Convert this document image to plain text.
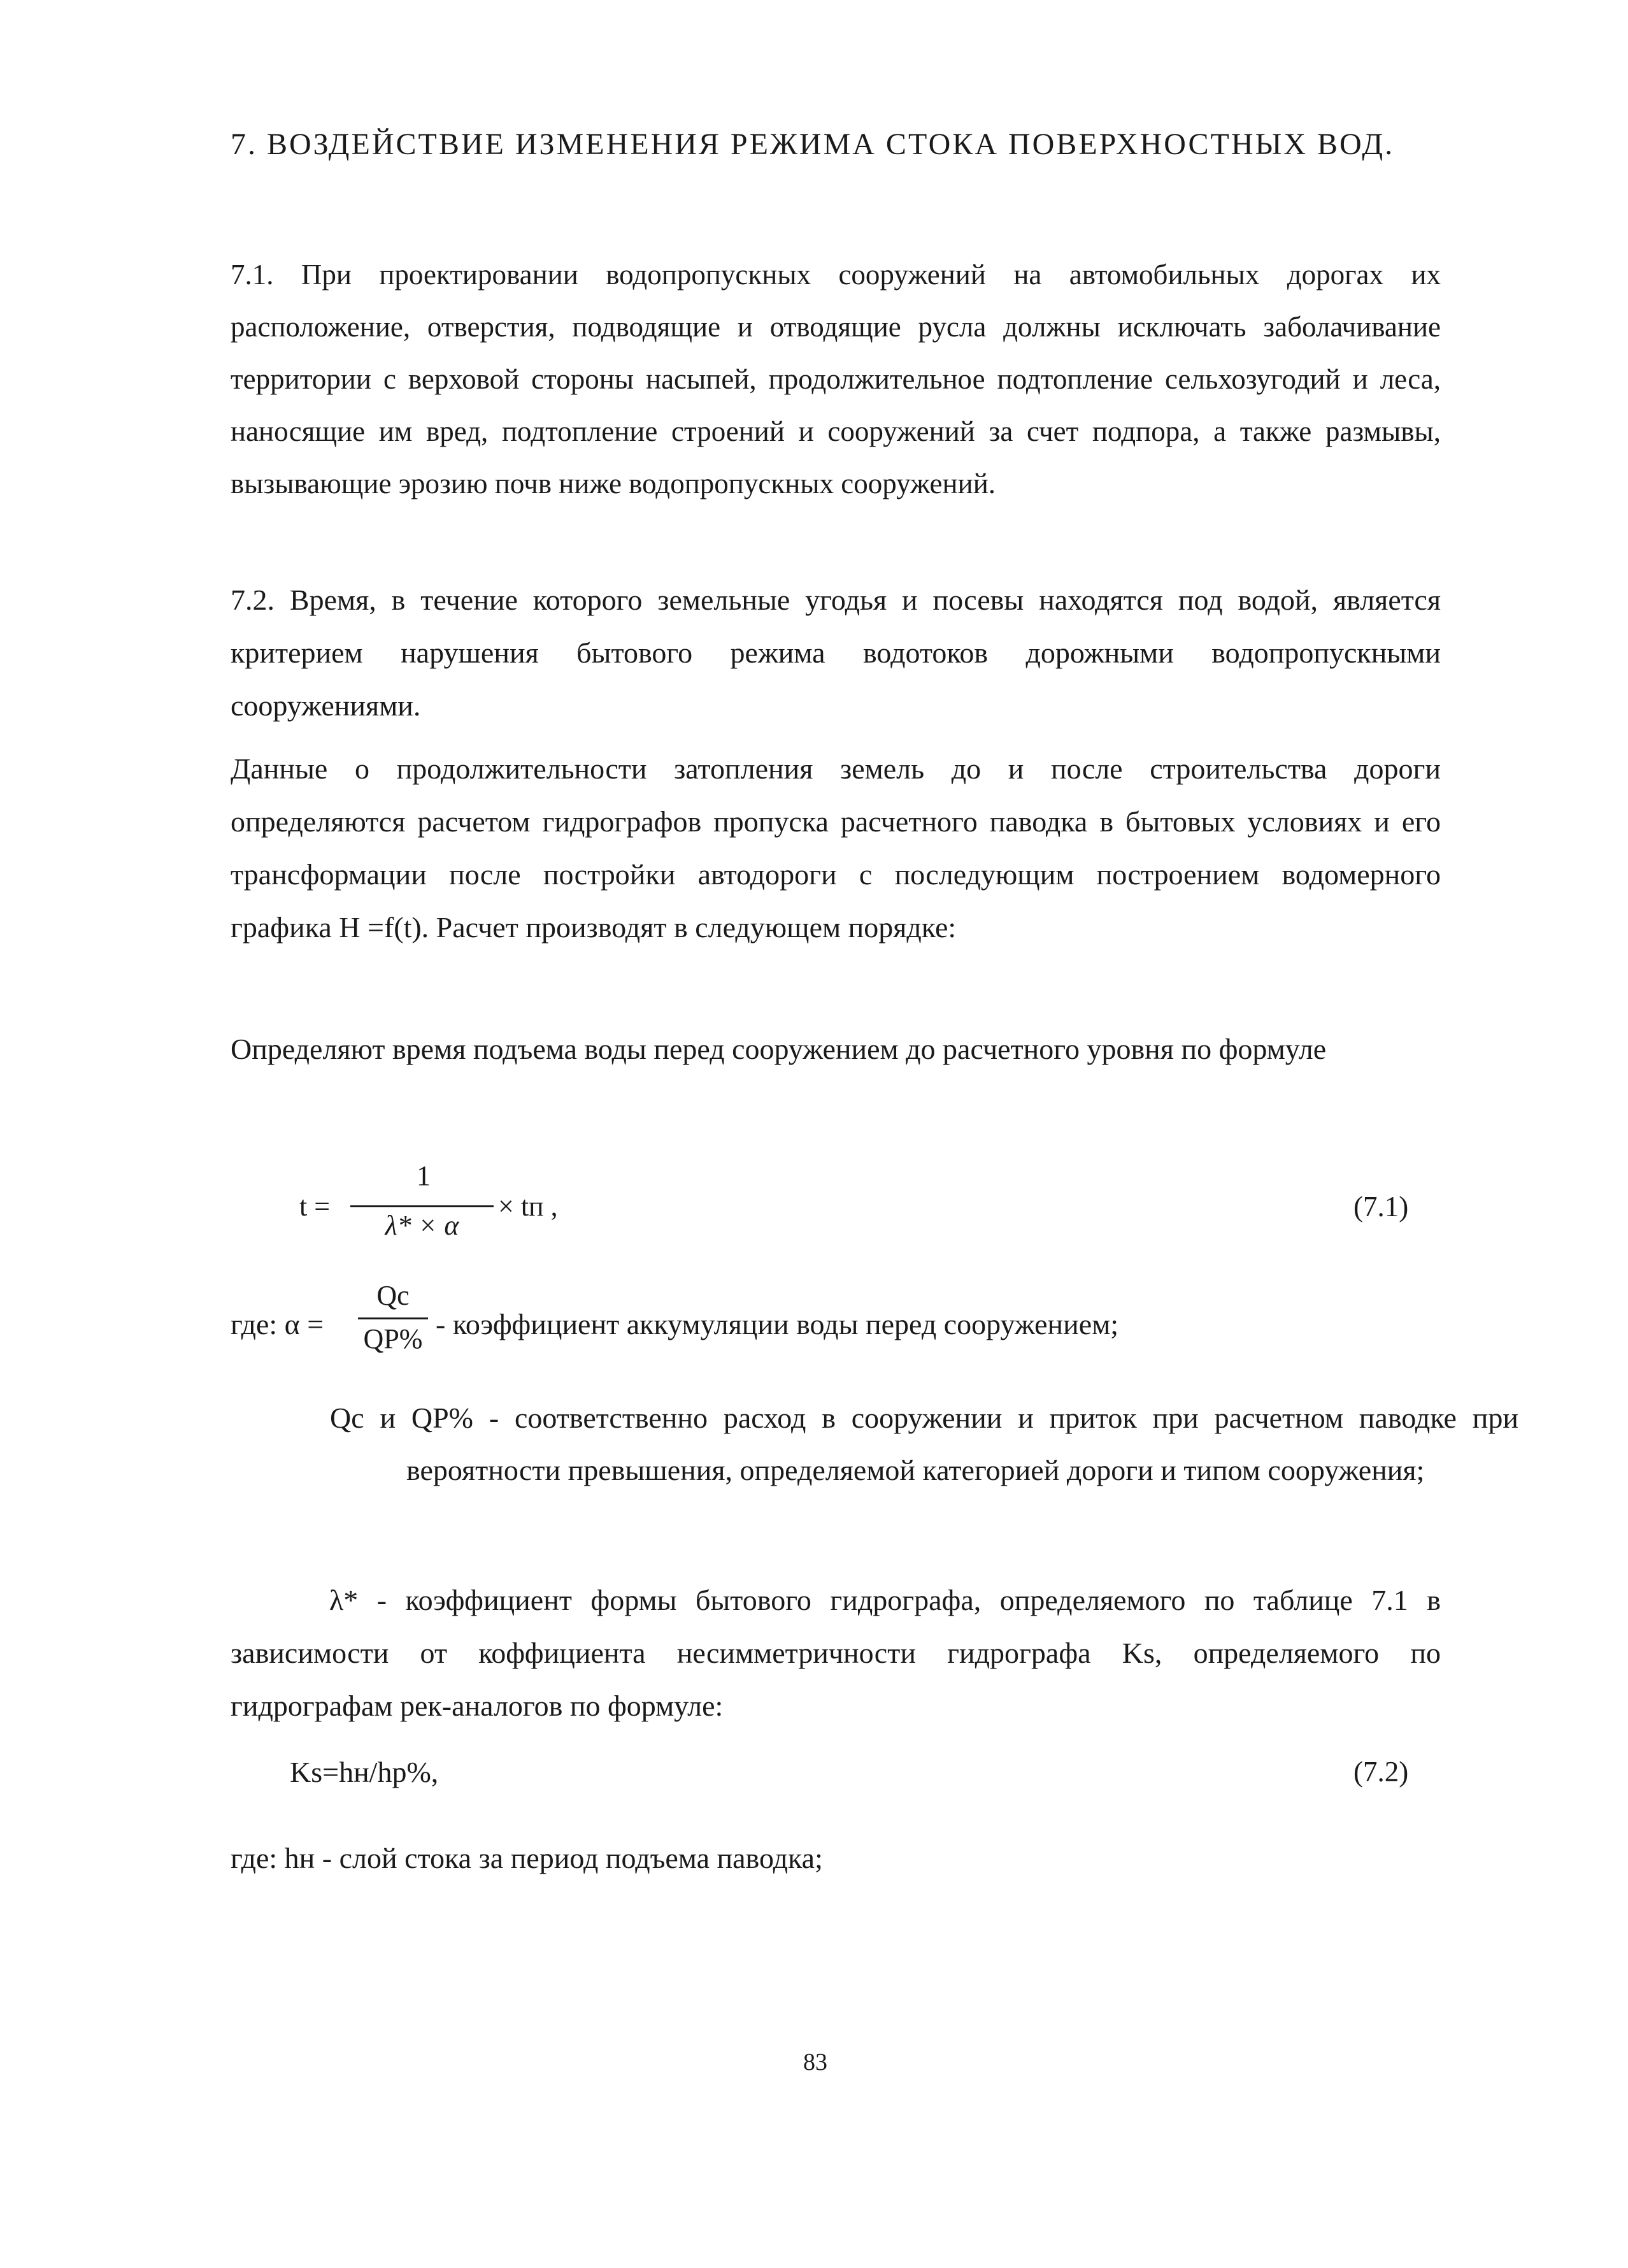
7. ВОЗДЕЙСТВИЕ ИЗМЕНЕНИЯ РЕЖИМА СТОКА ПОВЕРХНОСТНЫХ ВОД.

7.1. При проектировании водопропускных сооружений на автомобильных дорогах их расположение, отверстия, подводящие и отводящие русла должны исключать заболачивание территории с верховой стороны насыпей, продолжительное подтопление сельхозугодий и леса, наносящие им вред, подтопление строений и сооружений за счет подпора, а также размывы, вызывающие эрозию почв ниже водопропускных сооружений.

7.2. Время, в течение которого земельные угодья и посевы находятся под водой, является критерием нарушения бытового режима водотоков дорожными водопропускными сооружениями.

Данные о продолжительности затопления земель до и после строительства дороги определяются расчетом гидрографов пропуска расчетного паводка в бытовых условиях и его трансформации после постройки автодороги с последующим построением водомерного графика Н =f(t). Расчет производят в следующем порядке:

Определяют время подъема воды перед сооружением до расчетного уровня по формуле

t =
1
λ* × α
× tп ,	(7.1)
где: α =
Qc
QP% - коэффициент аккумуляции воды перед сооружением;

Qc и QP% - соответственно расход в сооружении и приток при расчетном паводке при вероятности превышения, определяемой категорией дороги и типом сооружения;

λ* - коэффициент формы бытового гидрографа, определяемого по таблице 7.1 в зависимости от коффициента несимметричности гидрографа Ks, определяемого по гидрографам рек-аналогов по формуле:

Ks=hн/hp%,	(7.2)

где: hн - слой стока за период подъема паводка;

83
